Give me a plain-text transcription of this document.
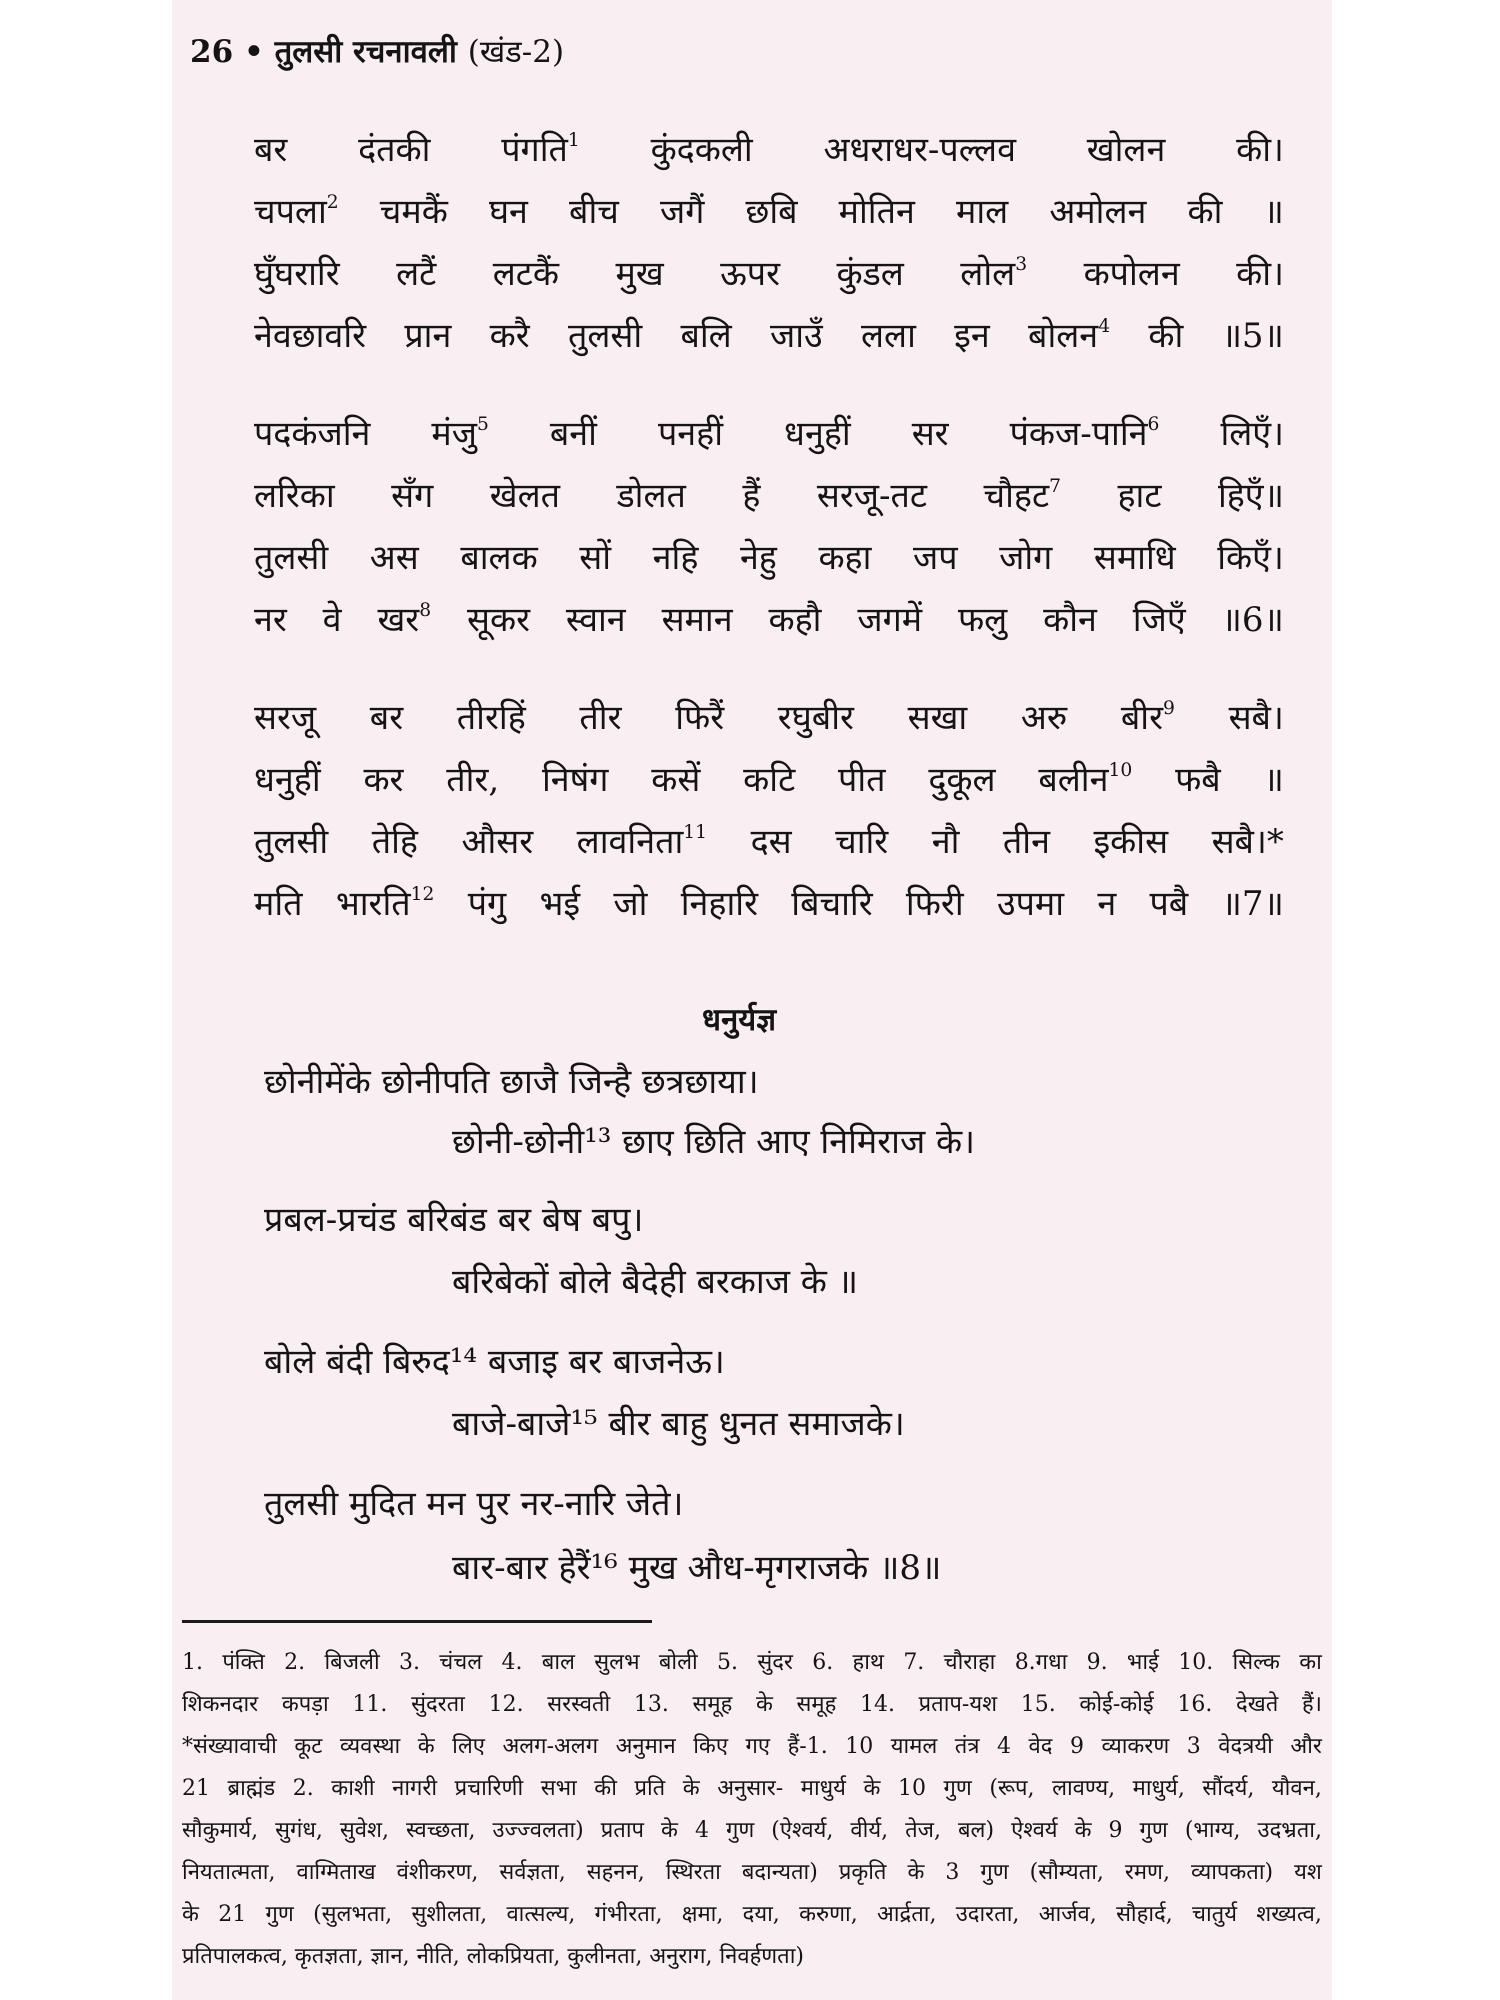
26 • तुलसी रचनावली (खंड-2)
बर दंतकी पंगति$^1$ कुंदकली अधराधर-पल्लव खोलन की।
चपला$^2$ चमकैं घन बीच जगैं छबि मोतिन माल अमोलन की ॥
घुँघरारि लटैं लटकैं मुख ऊपर कुंडल लोल$^3$ कपोलन की।
नेवछावरि प्रान करै तुलसी बलि जाउँ लला इन बोलन$^4$ की ॥5॥
पदकंजनि मंजु$^5$ बनीं पनहीं धनुहीं सर पंकज-पानि$^6$ लिएँ।
लरिका सँग खेलत डोलत हैं सरजू-तट चौहट$^7$ हाट हिएँ॥
तुलसी अस बालक सों नहि नेहु कहा जप जोग समाधि किएँ।
नर वे खर$^8$ सूकर स्वान समान कहौ जगमें फलु कौन जिएँ ॥6॥
सरजू बर तीरहिं तीर फिरैं रघुबीर सखा अरु बीर$^9$ सबै।
धनुहीं कर तीर, निषंग कसें कटि पीत दुकूल बलीन$^{10}$ फबै ॥
तुलसी तेहि औसर लावनिता$^{11}$ दस चारि नौ तीन इकीस सबै।*
मति भारति$^{12}$ पंगु भई जो निहारि बिचारि फिरी उपमा न पबै ॥7॥
धनुर्यज्ञ
छोनीमेंके छोनीपति छाजै जिन्है छत्रछाया।
छोनी-छोनी¹³ छाए छिति आए निमिराज के।
प्रबल-प्रचंड बरिबंड बर बेष बपु।
बरिबेकों बोले बैदेही बरकाज के ॥
बोले बंदी बिरुद¹⁴ बजाइ बर बाजनेऊ।
बाजे-बाजे¹⁵ बीर बाहु धुनत समाजके।
तुलसी मुदित मन पुर नर-नारि जेते।
बार-बार हेरैं¹⁶ मुख औध-मृगराजके ॥8॥
1. पंक्ति 2. बिजली 3. चंचल 4. बाल सुलभ बोली 5. सुंदर 6. हाथ 7. चौराहा 8.गधा 9. भाई 10. सिल्क का
शिकनदार कपड़ा 11. सुंदरता 12. सरस्वती 13. समूह के समूह 14. प्रताप-यश 15. कोई-कोई 16. देखते हैं।
*संख्यावाची कूट व्यवस्था के लिए अलग-अलग अनुमान किए गए हैं-1. 10 यामल तंत्र 4 वेद 9 व्याकरण 3 वेदत्रयी और
21 ब्राह्मंड 2. काशी नागरी प्रचारिणी सभा की प्रति के अनुसार- माधुर्य के 10 गुण (रूप, लावण्य, माधुर्य, सौंदर्य, यौवन,
सौकुमार्य, सुगंध, सुवेश, स्वच्छता, उज्ज्वलता) प्रताप के 4 गुण (ऐश्वर्य, वीर्य, तेज, बल) ऐश्वर्य के 9 गुण (भाग्य, उदभ्रता,
नियतात्मता, वाग्मिताख वंशीकरण, सर्वज्ञता, सहनन, स्थिरता बदान्यता) प्रकृति के 3 गुण (सौम्यता, रमण, व्यापकता) यश
के 21 गुण (सुलभता, सुशीलता, वात्सल्य, गंभीरता, क्षमा, दया, करुणा, आर्द्रता, उदारता, आर्जव, सौहार्द, चातुर्य शख्यत्व,
प्रतिपालकत्व, कृतज्ञता, ज्ञान, नीति, लोकप्रियता, कुलीनता, अनुराग, निवर्हणता)
